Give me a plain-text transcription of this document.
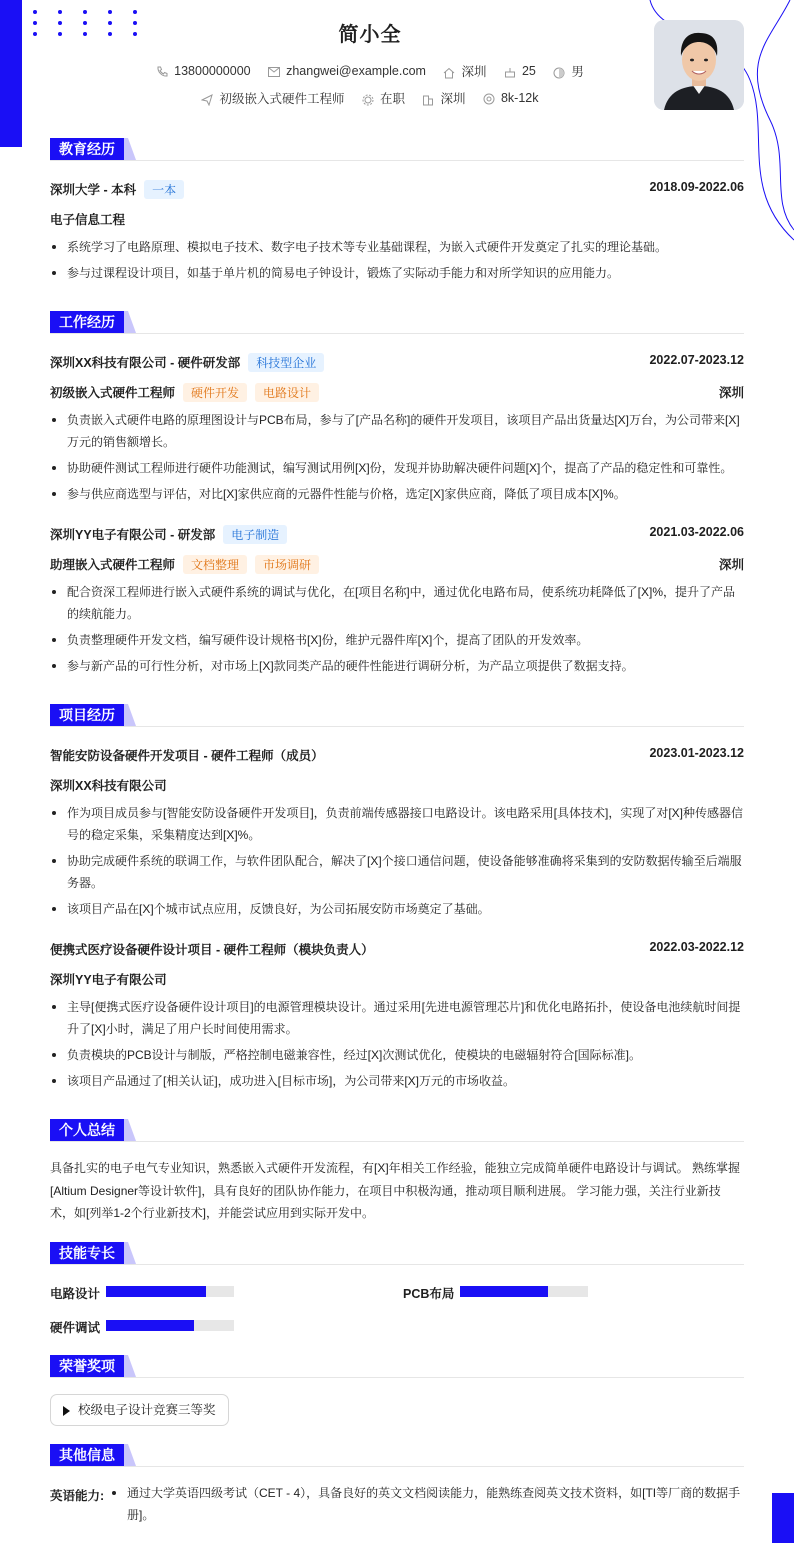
简小全
13800000000	zhangwei@example.com	深圳	25	男
初级嵌入式硬件工程师	在职	深圳	8k-12k
教育经历
深圳大学 - 本科 一本	2018.09-2022.06
电子信息工程
系统学习了电路原理、模拟电子技术、数字电子技术等专业基础课程，为嵌入式硬件开发奠定了扎实的理论基础。
参与过课程设计项目，如基于单片机的简易电子钟设计，锻炼了实际动手能力和对所学知识的应用能力。
工作经历
深圳XX科技有限公司 - 硬件研发部 科技型企业	2022.07-2023.12
初级嵌入式硬件工程师 硬件开发 电路设计	深圳
负责嵌入式硬件电路的原理图设计与PCB布局，参与了[产品名称]的硬件开发项目，该项目产品出货量达[X]万台，为公司带来[X]万元的销售额增长。
协助硬件测试工程师进行硬件功能测试，编写测试用例[X]份，发现并协助解决硬件问题[X]个，提高了产品的稳定性和可靠性。
参与供应商选型与评估，对比[X]家供应商的元器件性能与价格，选定[X]家供应商，降低了项目成本[X]%。
深圳YY电子有限公司 - 研发部 电子制造	2021.03-2022.06
助理嵌入式硬件工程师 文档整理 市场调研	深圳
配合资深工程师进行嵌入式硬件系统的调试与优化，在[项目名称]中，通过优化电路布局，使系统功耗降低了[X]%，提升了产品的续航能力。
负责整理硬件开发文档，编写硬件设计规格书[X]份，维护元器件库[X]个，提高了团队的开发效率。
参与新产品的可行性分析，对市场上[X]款同类产品的硬件性能进行调研分析，为产品立项提供了数据支持。
项目经历
智能安防设备硬件开发项目 - 硬件工程师（成员）	2023.01-2023.12
深圳XX科技有限公司
作为项目成员参与[智能安防设备硬件开发项目]，负责前端传感器接口电路设计。该电路采用[具体技术]，实现了对[X]种传感器信号的稳定采集，采集精度达到[X]%。
协助完成硬件系统的联调工作，与软件团队配合，解决了[X]个接口通信问题，使设备能够准确将采集到的安防数据传输至后端服务器。
该项目产品在[X]个城市试点应用，反馈良好，为公司拓展安防市场奠定了基础。
便携式医疗设备硬件设计项目 - 硬件工程师（模块负责人）	2022.03-2022.12
深圳YY电子有限公司
主导[便携式医疗设备硬件设计项目]的电源管理模块设计。通过采用[先进电源管理芯片]和优化电路拓扑，使设备电池续航时间提升了[X]小时，满足了用户长时间使用需求。
负责模块的PCB设计与制版，严格控制电磁兼容性，经过[X]次测试优化，使模块的电磁辐射符合[国际标准]。
该项目产品通过了[相关认证]，成功进入[目标市场]，为公司带来[X]万元的市场收益。
个人总结
具备扎实的电子电气专业知识，熟悉嵌入式硬件开发流程，有[X]年相关工作经验，能独立完成简单硬件电路设计与调试。 熟练掌握[Altium Designer等设计软件]，具有良好的团队协作能力，在项目中积极沟通，推动项目顺利进展。 学习能力强，关注行业新技术，如[列举1-2个行业新技术]，并能尝试应用到实际开发中。
技能专长
电路设计	PCB布局
硬件调试
荣誉奖项
校级电子设计竞赛三等奖
其他信息
英语能力:	通过大学英语四级考试（CET - 4），具备良好的英文文档阅读能力，能熟练查阅英文技术资料，如[TI等厂商的数据手册]。
